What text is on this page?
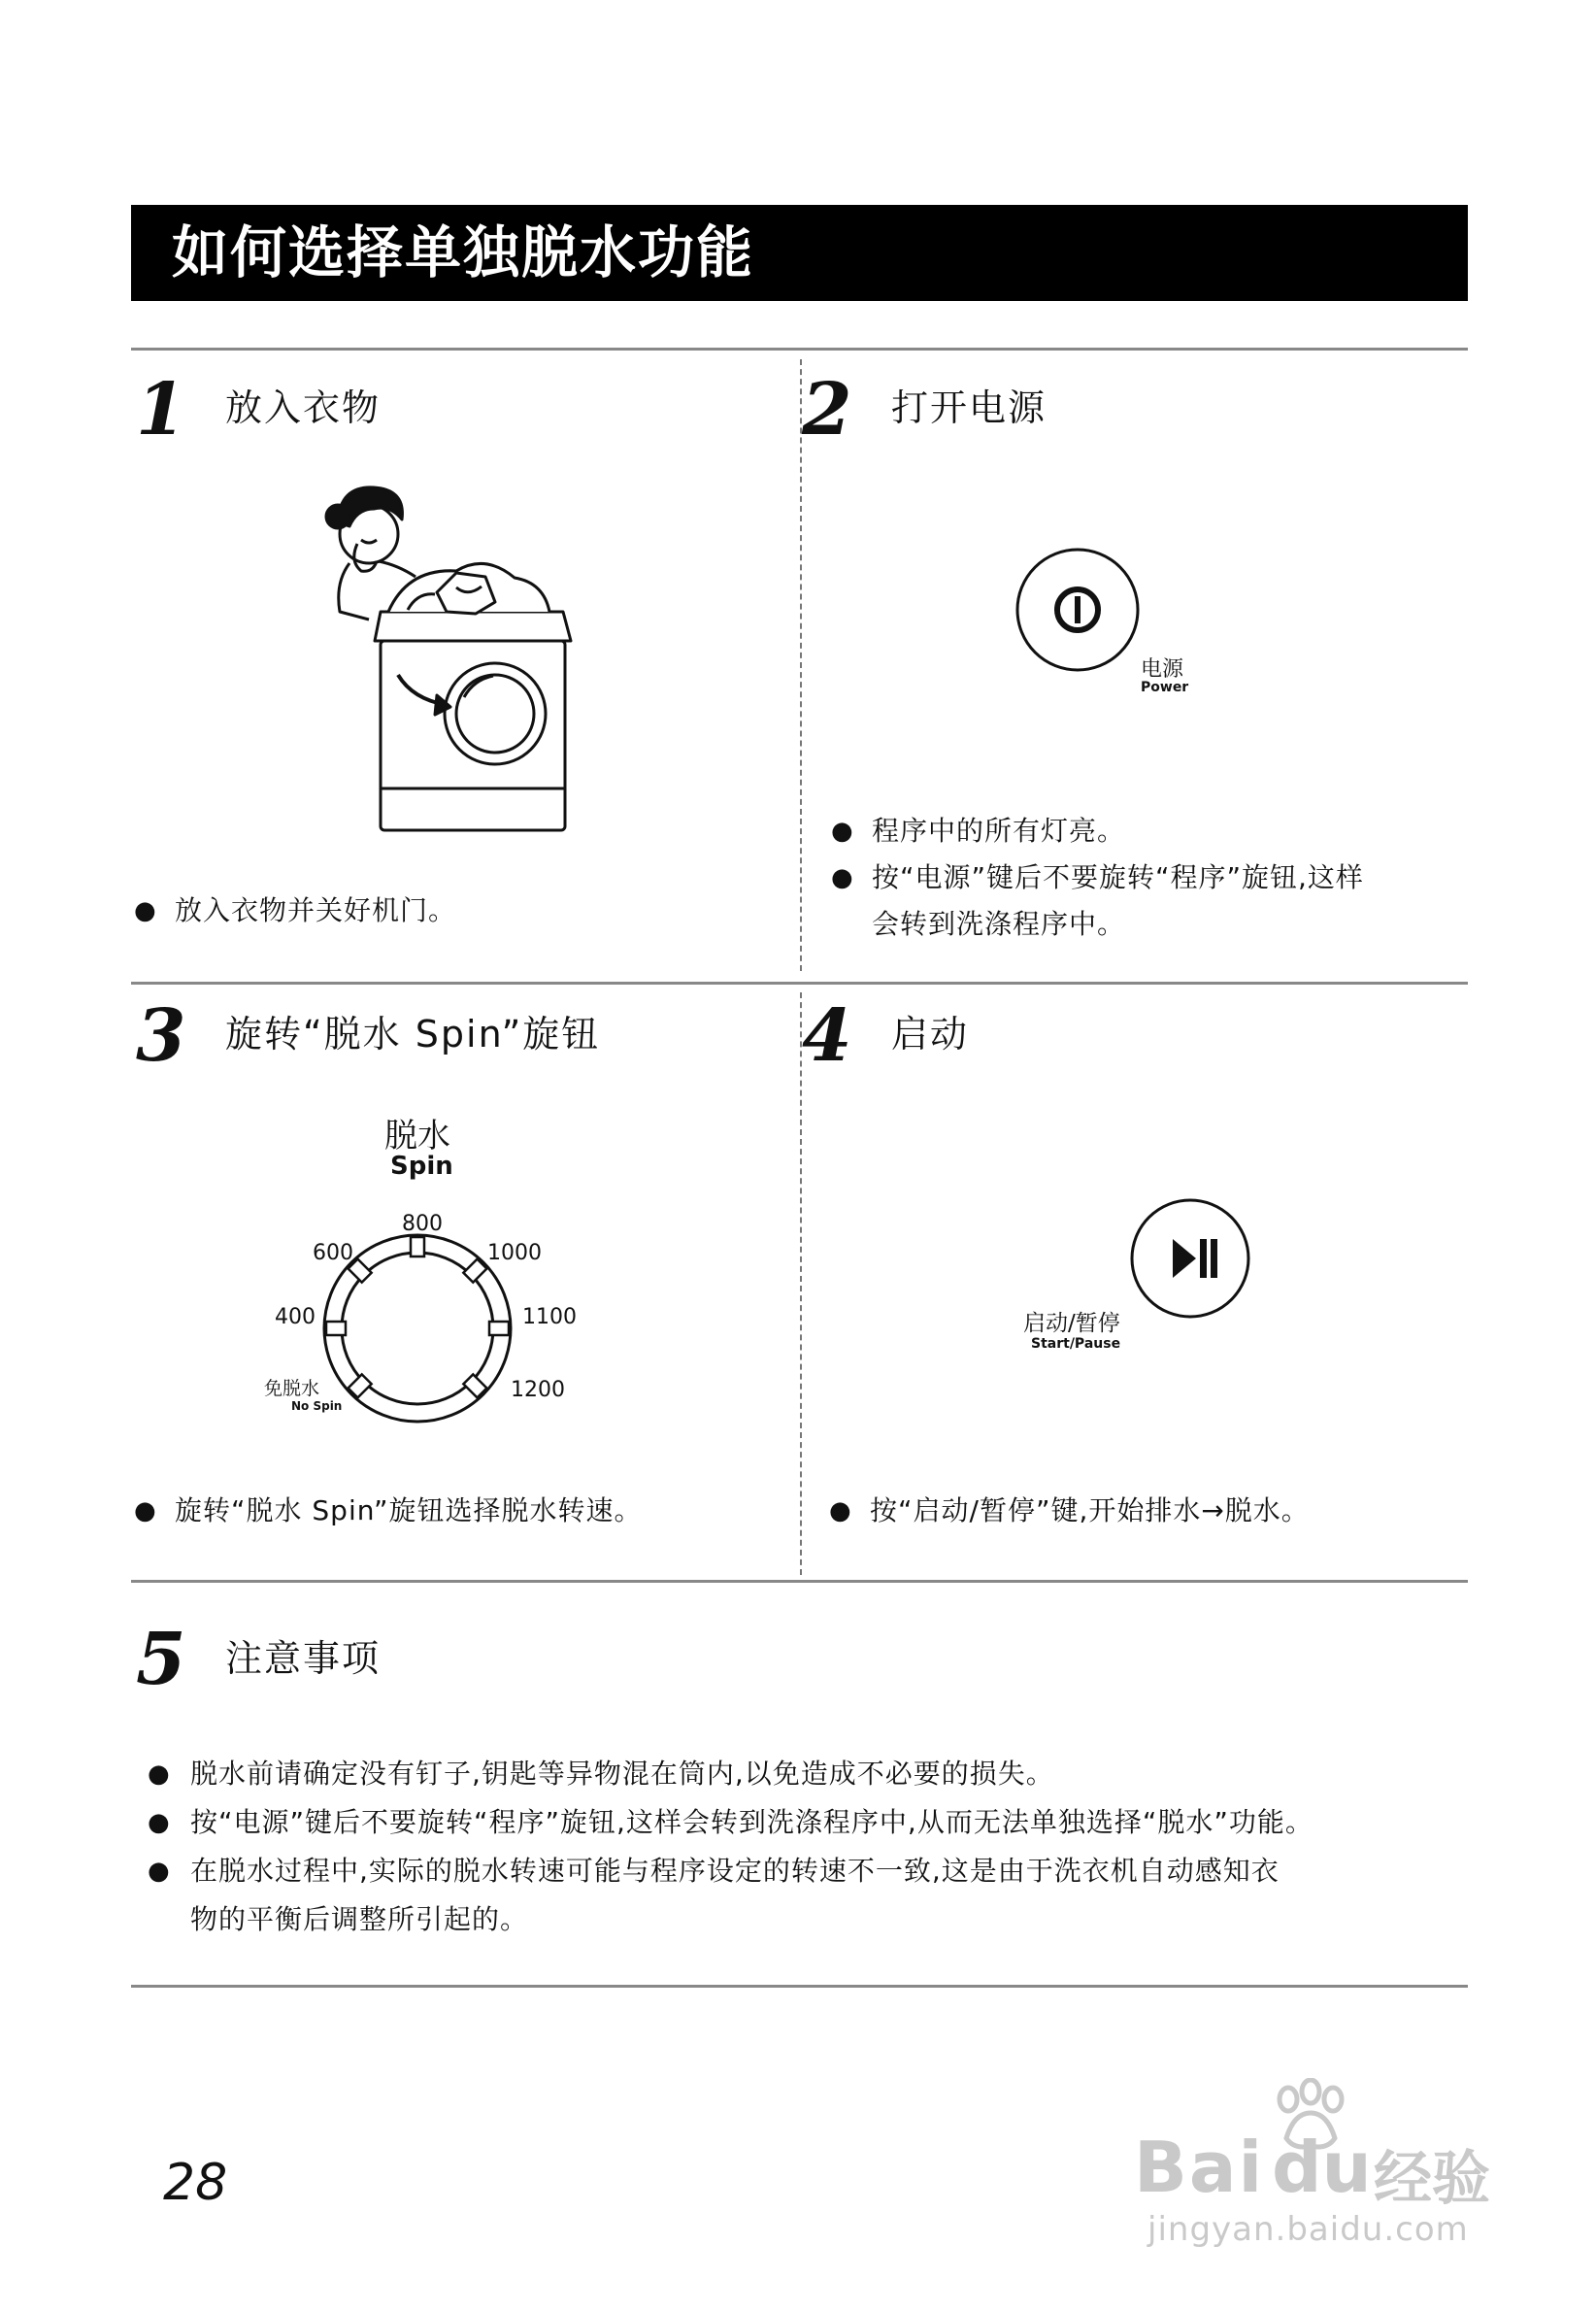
如何选择单独脱水功能
1 放入衣物
● 放入衣物并关好机门。
2 打开电源
电源
Power
● 程序中的所有灯亮。
● 按“电源”键后不要旋转“程序”旋钮,这样
会转到洗涤程序中。
3 旋转“脱水 Spin”旋钮
脱水
Spin
600
800
1000
400	1100
1200
免脱水
No Spin
● 旋转“脱水 Spin”旋钮选择脱水转速。
4 启动
启动/暂停
Start/Pause
● 按“启动/暂停”键,开始排水→脱水。
5 注意事项
● 脱水前请确定没有钉子,钥匙等异物混在筒内,以免造成不必要的损失。
● 按“电源”键后不要旋转“程序”旋钮,这样会转到洗涤程序中,从而无法单独选择“脱水”功能。
● 在脱水过程中,实际的脱水转速可能与程序设定的转速不一致,这是由于洗衣机自动感知衣
物的平衡后调整所引起的。
28	Bai du 经验
jingyan.baidu.com
